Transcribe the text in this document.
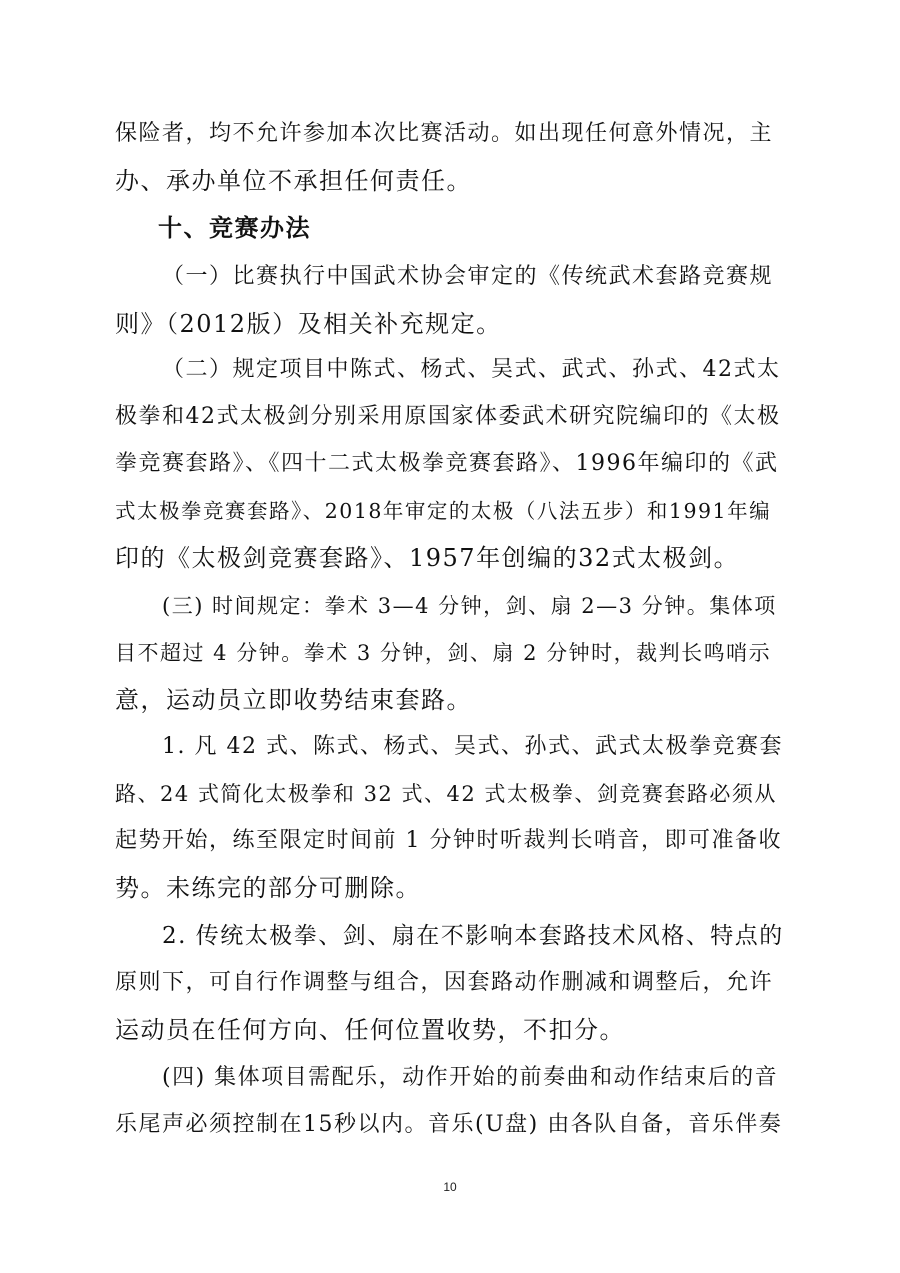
保险者，均不允许参加本次比赛活动。如出现任何意外情况，主
办、承办单位不承担任何责任。
十、竞赛办法
（一）比赛执行中国武术协会审定的《传统武术套路竞赛规
则》（2012版）及相关补充规定。
（二）规定项目中陈式、杨式、吴式、武式、孙式、42式太
极拳和42式太极剑分别采用原国家体委武术研究院编印的《太极
拳竞赛套路》、《四十二式太极拳竞赛套路》、1996年编印的《武
式太极拳竞赛套路》、2018年审定的太极（八法五步）和1991年编
印的《太极剑竞赛套路》、1957年创编的32式太极剑。
(三) 时间规定：拳术 3—4 分钟，剑、扇 2—3 分钟。集体项
目不超过 4 分钟。拳术 3 分钟，剑、扇 2 分钟时，裁判长鸣哨示
意，运动员立即收势结束套路。
1. 凡 42 式、陈式、杨式、吴式、孙式、武式太极拳竞赛套
路、24 式简化太极拳和 32 式、42 式太极拳、剑竞赛套路必须从
起势开始，练至限定时间前 1 分钟时听裁判长哨音，即可准备收
势。未练完的部分可删除。
2. 传统太极拳、剑、扇在不影响本套路技术风格、特点的
原则下，可自行作调整与组合，因套路动作删减和调整后，允许
运动员在任何方向、任何位置收势，不扣分。
(四) 集体项目需配乐，动作开始的前奏曲和动作结束后的音
乐尾声必须控制在15秒以内。音乐(U盘) 由各队自备，音乐伴奏
10
